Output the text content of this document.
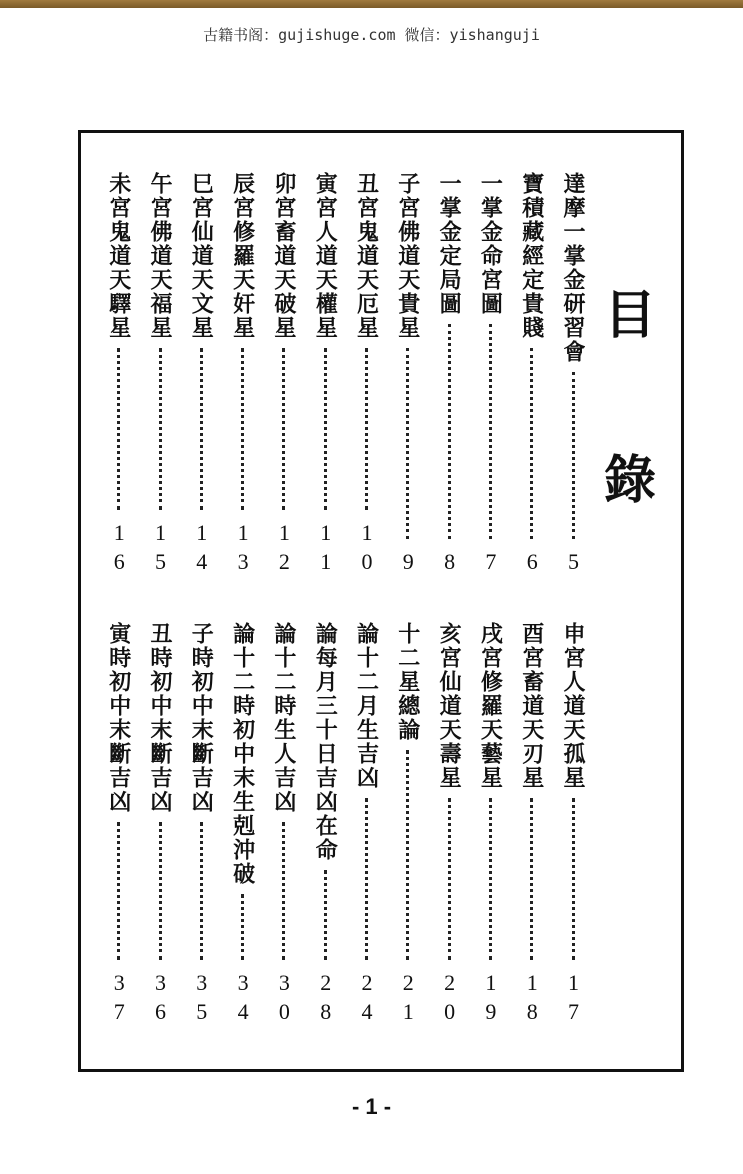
古籍书阁：gujishuge.com 微信：yishanguji
目
錄
達摩一掌金研習會
5
寶積藏經定貴賤
6
一掌金命宮圖
7
一掌金定局圖
8
子宮佛道天貴星
9
丑宮鬼道天厄星
10
寅宮人道天權星
11
卯宮畜道天破星
12
辰宮修羅天奸星
13
巳宮仙道天文星
14
午宮佛道天福星
15
未宮鬼道天驛星
16
申宮人道天孤星
17
酉宮畜道天刃星
18
戌宮修羅天藝星
19
亥宮仙道天壽星
20
十二星總論
21
論十二月生吉凶
24
論每月三十日吉凶在命
28
論十二時生人吉凶
30
論十二時初中末生剋沖破
34
子時初中末斷吉凶
35
丑時初中末斷吉凶
36
寅時初中末斷吉凶
37
- 1 -
